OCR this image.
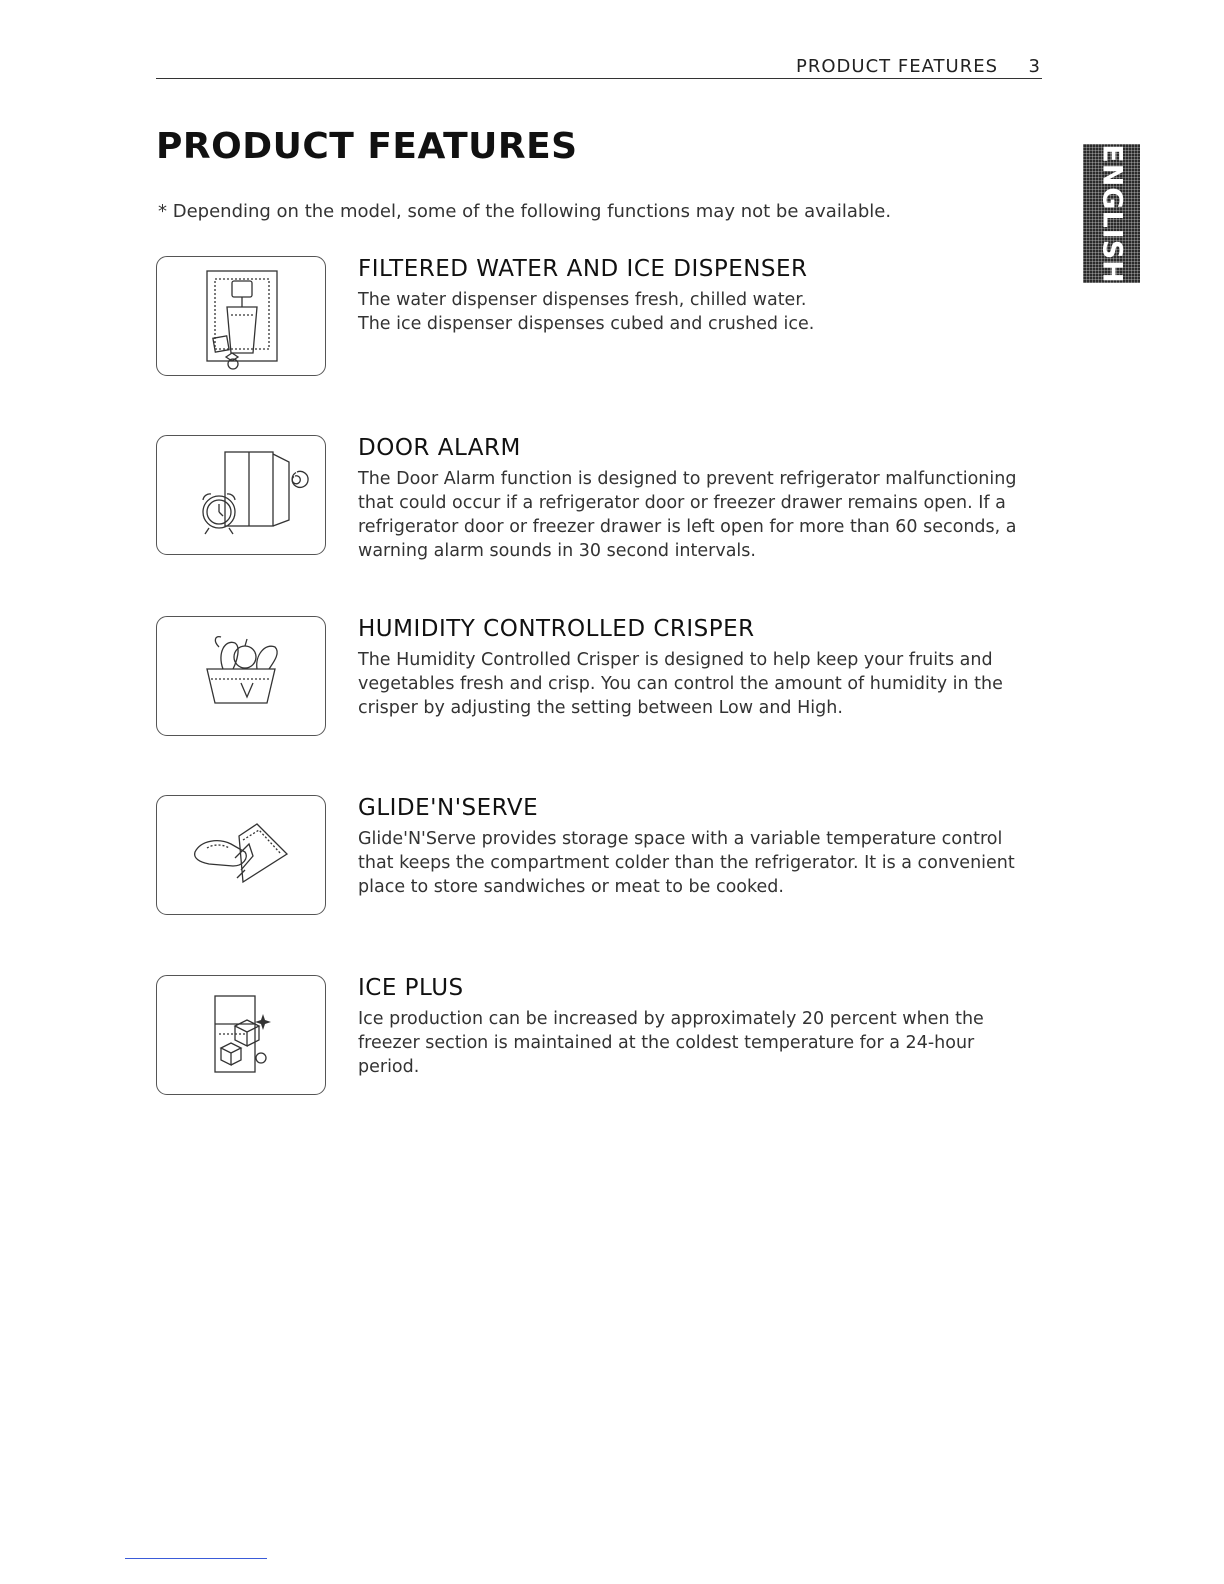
PRODUCT FEATURES 3
PRODUCT FEATURES

* Depending on the model, some of the following functions may not be available.	ENGLISH
FILTERED WATER AND ICE DISPENSER

The water dispenser dispenses fresh, chilled water.
The ice dispenser dispenses cubed and crushed ice.

DOOR ALARM

The Door Alarm function is designed to prevent refrigerator malfunctioning
that could occur if a refrigerator door or freezer drawer remains open. If a
refrigerator door or freezer drawer is left open for more than 60 seconds, a
warning alarm sounds in 30 second intervals.

HUMIDITY CONTROLLED CRISPER

The Humidity Controlled Crisper is designed to help keep your fruits and
vegetables fresh and crisp. You can control the amount of humidity in the
crisper by adjusting the setting between Low and High.

GLIDE'N'SERVE

Glide'N'Serve provides storage space with a variable temperature control
that keeps the compartment colder than the refrigerator. It is a convenient
place to store sandwiches or meat to be cooked.

ICE PLUS

Ice production can be increased by approximately 20 percent when the
freezer section is maintained at the coldest temperature for a 24-hour
period.
